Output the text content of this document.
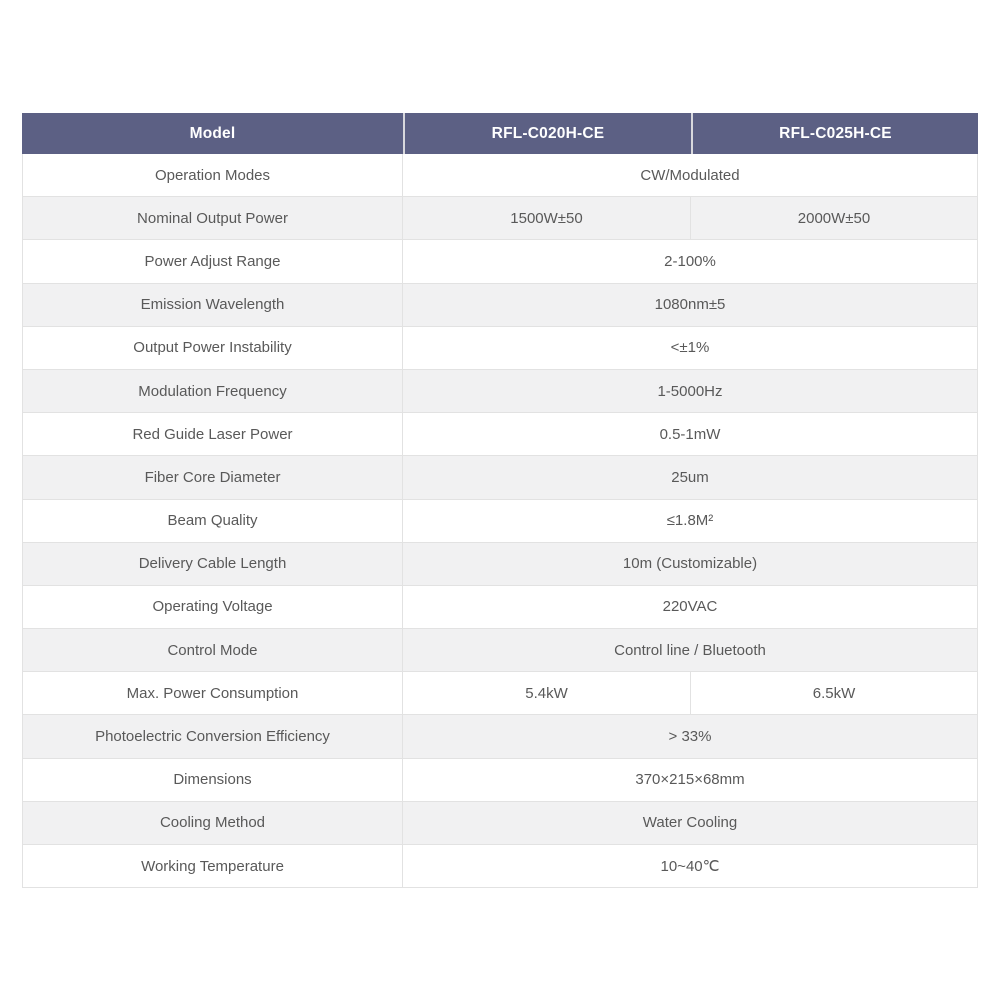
Model	RFL-C020H-CE	RFL-C025H-CE
Operation Modes	CW/Modulated
Nominal Output Power	1500W±50	2000W±50
Power Adjust Range	2-100%
Emission Wavelength	1080nm±5
Output Power Instability	<±1%
Modulation Frequency	1-5000Hz
Red Guide Laser Power	0.5-1mW
Fiber Core Diameter	25um
Beam Quality	≤1.8M²
Delivery Cable Length	10m (Customizable)
Operating Voltage	220VAC
Control Mode	Control line / Bluetooth
Max. Power Consumption	5.4kW	6.5kW
Photoelectric Conversion Efficiency	> 33%
Dimensions	370×215×68mm
Cooling Method	Water Cooling
Working Temperature	10~40℃
